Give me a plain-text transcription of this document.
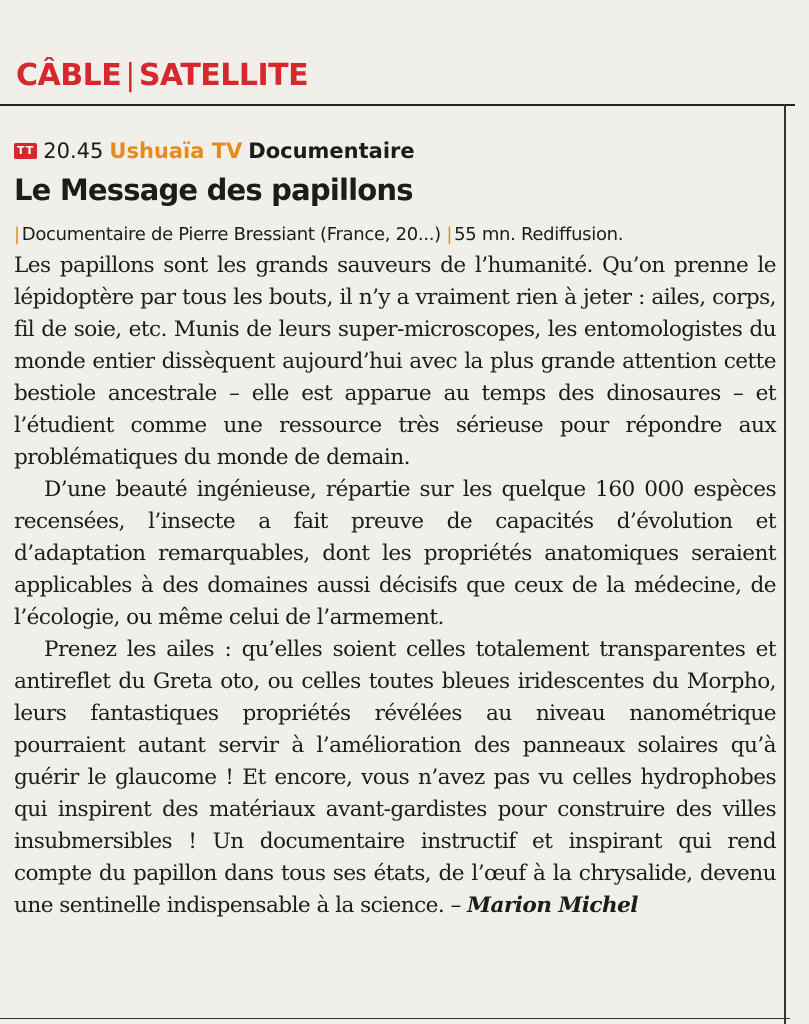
CÂBLE | SATELLITE
TT 20.45 Ushuaïa TV Documentaire
Le Message des papillons
| Documentaire de Pierre Bressiant (France, 20...) | 55 mn. Rediffusion.

Les papillons sont les grands sauveurs de l’humanité. Qu’on prenne le lépidoptère par tous les bouts, il n’y a vraiment rien à jeter : ailes, corps, fil de soie, etc. Munis de leurs super-microscopes, les entomologistes du monde entier dissèquent aujourd’hui avec la plus grande attention cette bestiole ancestrale – elle est apparue au temps des dinosaures – et l’étudient comme une ressource très sérieuse pour répondre aux problématiques du monde de demain.

D’une beauté ingénieuse, répartie sur les quelque 160 000 espèces recensées, l’insecte a fait preuve de capacités d’évolution et d’adaptation remarquables, dont les propriétés anatomiques seraient applicables à des domaines aussi décisifs que ceux de la médecine, de l’écologie, ou même celui de l’armement.

Prenez les ailes : qu’elles soient celles totalement transparentes et antireflet du Greta oto, ou celles toutes bleues iridescentes du Morpho, leurs fantastiques propriétés révélées au niveau nanométrique pourraient autant servir à l’amélioration des panneaux solaires qu’à guérir le glaucome ! Et encore, vous n’avez pas vu celles hydrophobes qui inspirent des matériaux avant-gardistes pour construire des villes insubmersibles ! Un documentaire instructif et inspirant qui rend compte du papillon dans tous ses états, de l’œuf à la chrysalide, devenu une sentinelle indispensable à la science. – Marion Michel
